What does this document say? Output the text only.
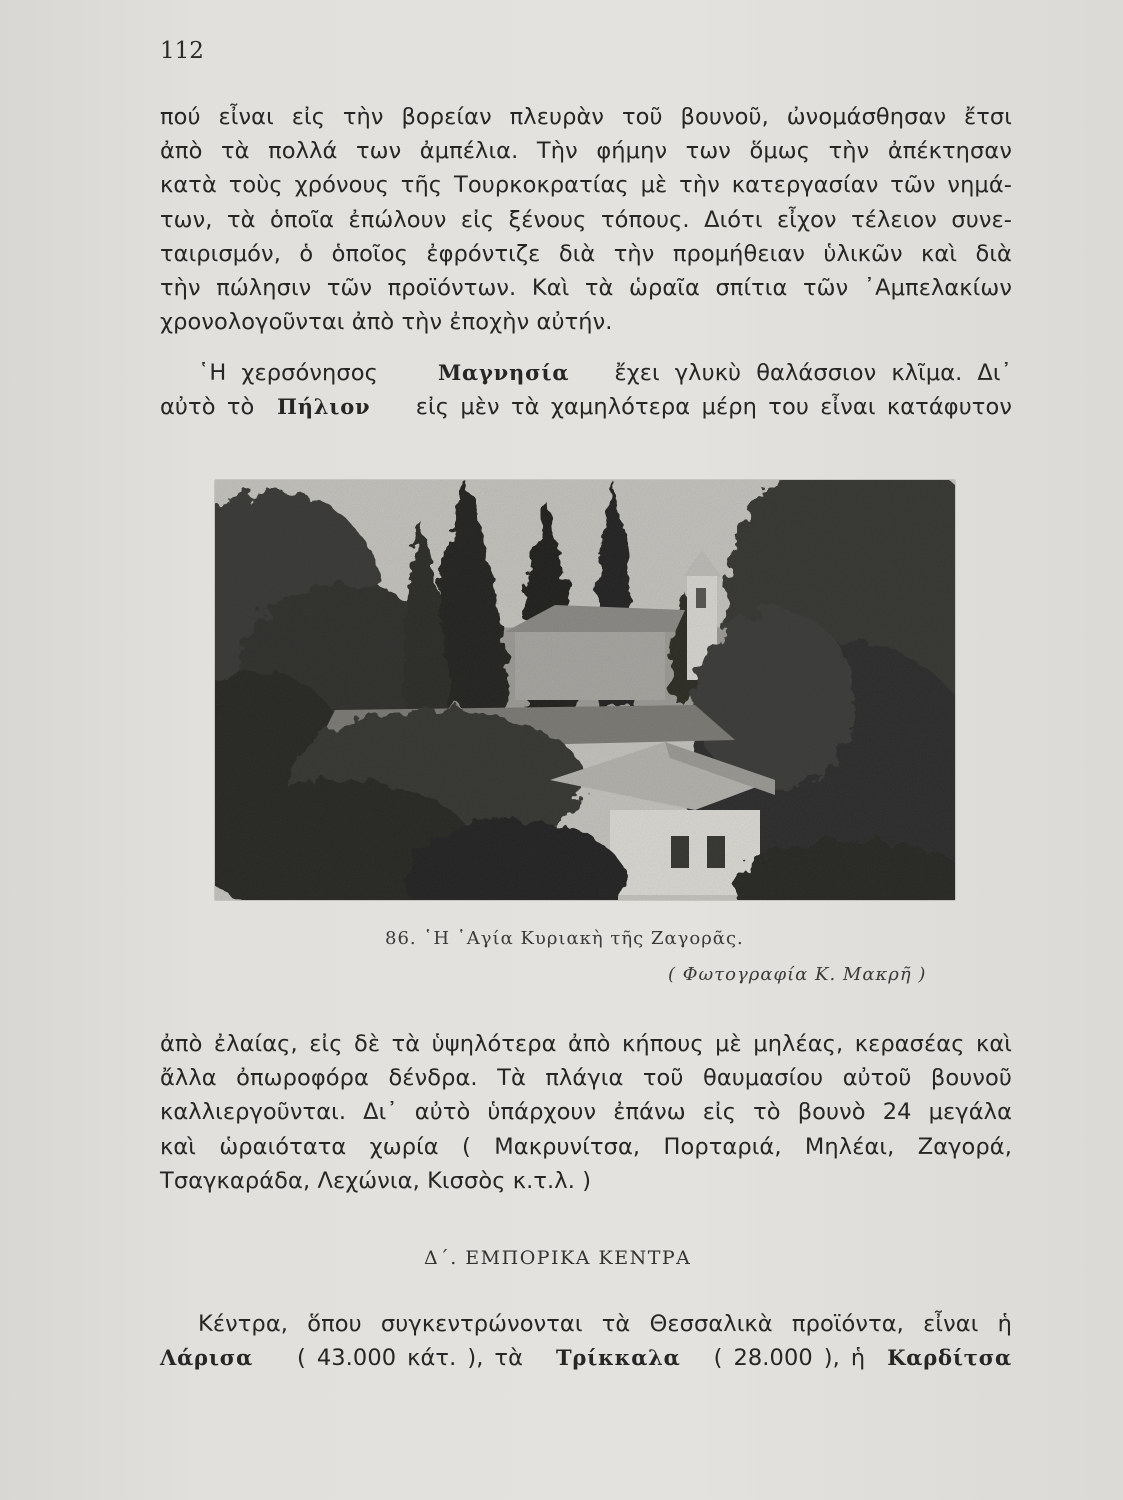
112
πού εἶναι εἰς τὴν βορείαν πλευρὰν τοῦ βουνοῦ, ὠνομάσθησαν ἔτσι
ἀπὸ τὰ πολλά των ἀμπέλια. Τὴν φήμην των ὅμως τὴν ἀπέκτησαν
κατὰ τοὺς χρόνους τῆς Τουρκοκρατίας μὲ τὴν κατεργασίαν τῶν νημά-
των, τὰ ὁποῖα ἐπώλουν εἰς ξένους τόπους. Διότι εἶχον τέλειον συνε-
ταιρισμόν, ὁ ὁποῖος ἐφρόντιζε διὰ τὴν προμήθειαν ὑλικῶν καὶ διὰ
τὴν πώλησιν τῶν προϊόντων. Καὶ τὰ ὡραῖα σπίτια τῶν ᾿Αμπελακίων
χρονολογοῦνται ἀπὸ τὴν ἐποχὴν αὐτήν.
῾Η χερσόνησος	Μαγνησία ἔχει γλυκὺ θαλάσσιον κλῖμα. Δι᾿
αὐτὸ τὸ Πήλιον εἰς μὲν τὰ χαμηλότερα μέρη του εἶναι κατάφυτον
86. ῾Η ῾Αγία Κυριακὴ τῆς Ζαγορᾶς.
( Φωτογραφία Κ. Μακρῆ )
ἀπὸ ἐλαίας, εἰς δὲ τὰ ὑψηλότερα ἀπὸ κήπους μὲ μηλέας, κερασέας καὶ
ἄλλα ὀπωροφόρα δένδρα. Τὰ πλάγια τοῦ θαυμασίου αὐτοῦ βουνοῦ
καλλιεργοῦνται. Δι᾿ αὐτὸ ὑπάρχουν ἐπάνω εἰς τὸ βουνὸ 24 μεγάλα
καὶ ὡραιότατα χωρία ( Μακρυνίτσα, Πορταριά, Μηλέαι, Ζαγορά,
Τσαγκαράδα, Λεχώνια, Κισσὸς κ.τ.λ. )
Δ΄. ΕΜΠΟΡΙΚΑ ΚΕΝΤΡΑ
Κέντρα, ὅπου συγκεντρώνονται τὰ Θεσσαλικὰ προϊόντα, εἶναι ἡ
Λάρισα ( 43.000 κάτ. ), τὰ Τρίκκαλα ( 28.000 ), ἡ Καρδίτσα
